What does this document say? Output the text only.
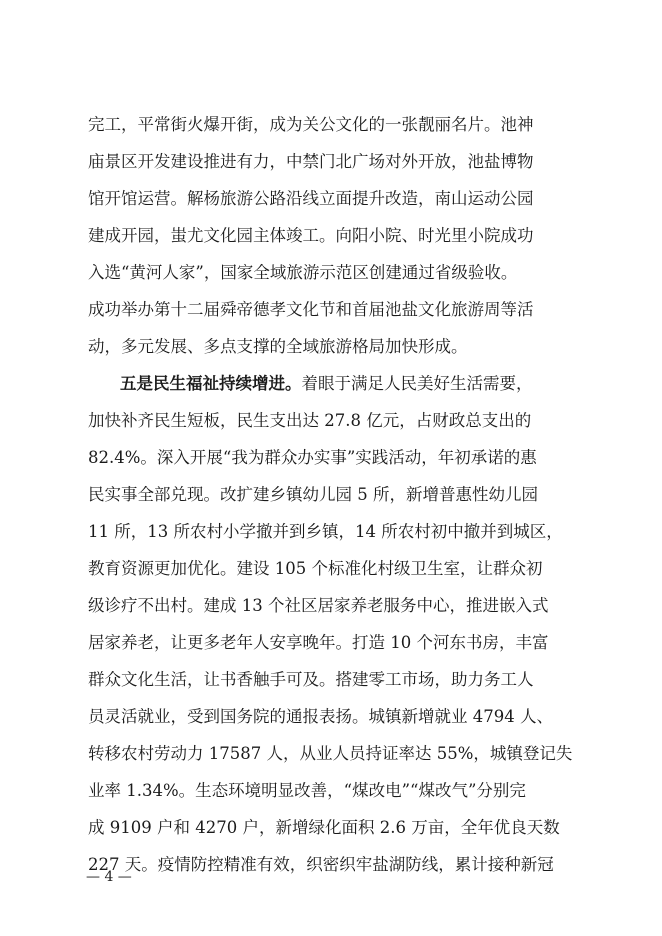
完工，平常街火爆开街，成为关公文化的一张靓丽名片。池神
庙景区开发建设推进有力，中禁门北广场对外开放，池盐博物
馆开馆运营。解杨旅游公路沿线立面提升改造，南山运动公园
建成开园，蚩尤文化园主体竣工。向阳小院、时光里小院成功
入选“黄河人家”，国家全域旅游示范区创建通过省级验收。
成功举办第十二届舜帝德孝文化节和首届池盐文化旅游周等活
动，多元发展、多点支撑的全域旅游格局加快形成。
五是民生福祉持续增进。着眼于满足人民美好生活需要，
加快补齐民生短板，民生支出达 27.8 亿元，占财政总支出的
82.4%。深入开展“我为群众办实事”实践活动，年初承诺的惠
民实事全部兑现。改扩建乡镇幼儿园 5 所，新增普惠性幼儿园
11 所，13 所农村小学撤并到乡镇，14 所农村初中撤并到城区，
教育资源更加优化。建设 105 个标准化村级卫生室，让群众初
级诊疗不出村。建成 13 个社区居家养老服务中心，推进嵌入式
居家养老，让更多老年人安享晚年。打造 10 个河东书房，丰富
群众文化生活，让书香触手可及。搭建零工市场，助力务工人
员灵活就业，受到国务院的通报表扬。城镇新增就业 4794 人、
转移农村劳动力 17587 人，从业人员持证率达 55%，城镇登记失
业率 1.34%。生态环境明显改善，“煤改电”“煤改气”分别完
成 9109 户和 4270 户，新增绿化面积 2.6 万亩，全年优良天数
227 天。疫情防控精准有效，织密织牢盐湖防线，累计接种新冠
— 4 —
